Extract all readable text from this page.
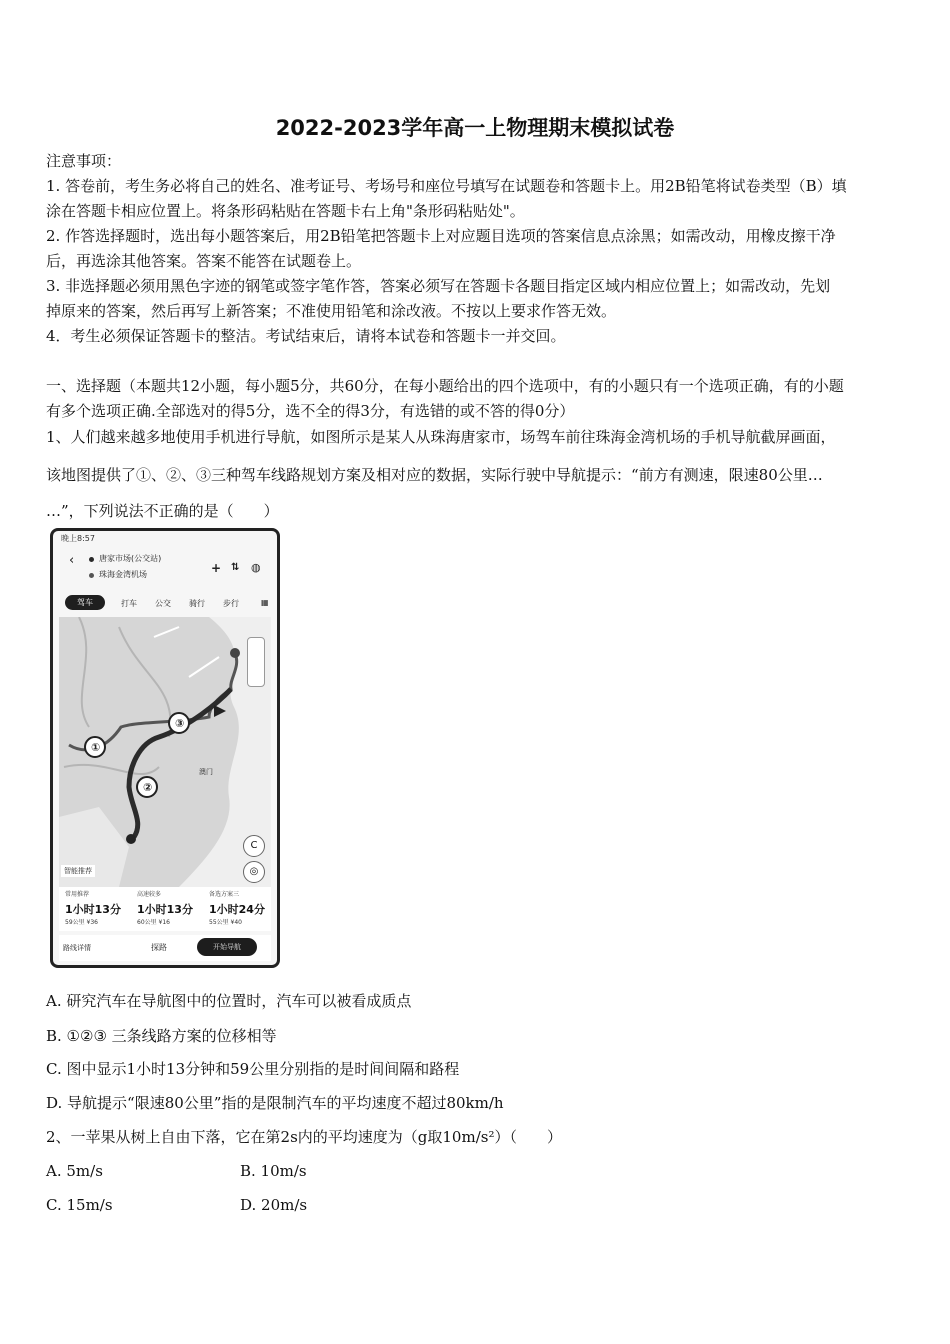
2022-2023学年高一上物理期末模拟试卷
注意事项：
1. 答卷前，考生务必将自己的姓名、准考证号、考场号和座位号填写在试题卷和答题卡上。用2B铅笔将试卷类型（B）填
涂在答题卡相应位置上。将条形码粘贴在答题卡右上角"条形码粘贴处"。
2. 作答选择题时，选出每小题答案后，用2B铅笔把答题卡上对应题目选项的答案信息点涂黑；如需改动，用橡皮擦干净
后，再选涂其他答案。答案不能答在试题卷上。
3. 非选择题必须用黑色字迹的钢笔或签字笔作答，答案必须写在答题卡各题目指定区域内相应位置上；如需改动，先划
掉原来的答案，然后再写上新答案；不准使用铅笔和涂改液。不按以上要求作答无效。
4．考生必须保证答题卡的整洁。考试结束后，请将本试卷和答题卡一并交回。
一、选择题（本题共12小题，每小题5分，共60分，在每小题给出的四个选项中，有的小题只有一个选项正确，有的小题
有多个选项正确.全部选对的得5分，选不全的得3分，有选错的或不答的得0分）
1、人们越来越多地使用手机进行导航，如图所示是某人从珠海唐家市，场驾车前往珠海金湾机场的手机导航截屏画面，
该地图提供了①、②、③三种驾车线路规划方案及相对应的数据，实际行驶中导航提示：“前方有测速，限速80公里…
…”，下列说法不正确的是（　　）
晚上8:57
‹	唐家市场(公交站)
珠海金湾机场	+ ⇅ ◍
驾车	打车 公交 骑行 步行	▦
①
②
③
澳门
C
◎
智能推荐
常用推荐
1小时13分
59公里 ¥36
高速较多
1小时13分
60公里 ¥16
备选方案三
1小时24分
55公里 ¥40
路线详情	探路	开始导航
A. 研究汽车在导航图中的位置时，汽车可以被看成质点
B. ①②③ 三条线路方案的位移相等
C. 图中显示1小时13分钟和59公里分别指的是时间间隔和路程
D. 导航提示“限速80公里”指的是限制汽车的平均速度不超过80km/h
2、一苹果从树上自由下落，它在第2s内的平均速度为（g取10m/s²）（　　）
A. 5m/s	B. 10m/s
C. 15m/s	D. 20m/s
